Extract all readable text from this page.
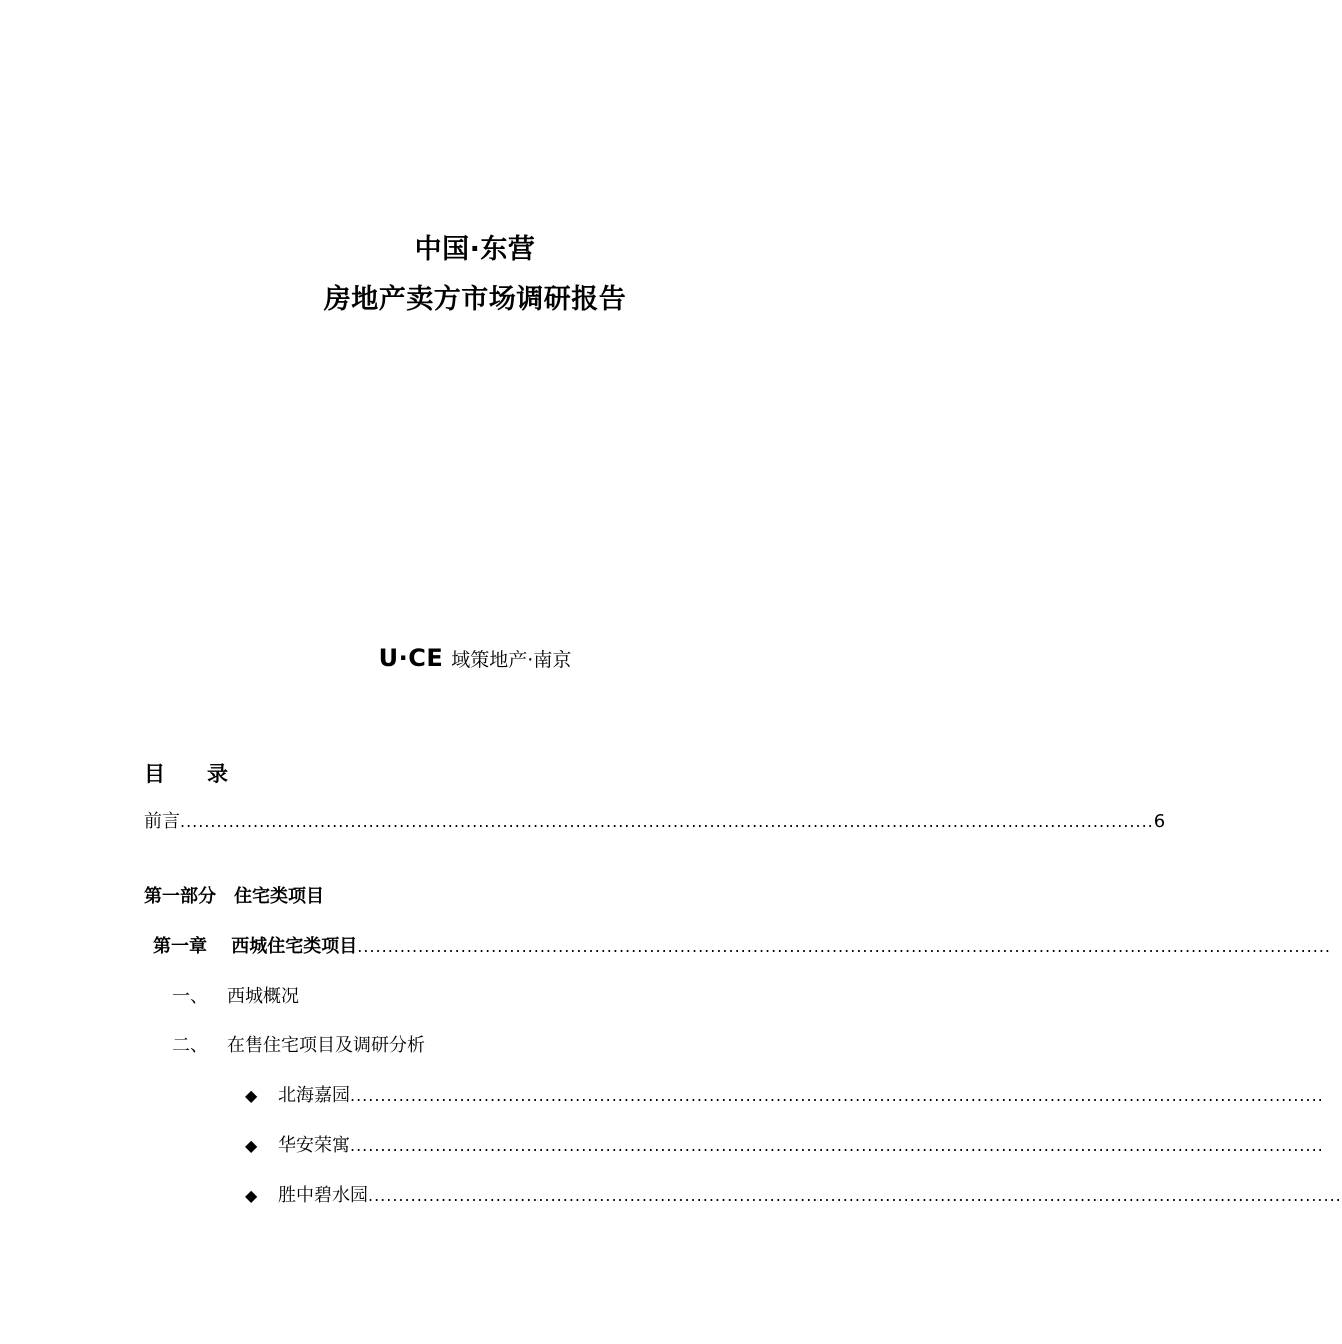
中国·东营
房地产卖方市场调研报告
U·CE 域策地产·南京
目　　录
前言 ................................................................................................................................................................ 6
第一部分　住宅类项目
第一章　 西城住宅类项目 ................................................................................................................................................................
一、	西城概况
二、	在售住宅项目及调研分析
◆ 北海嘉园 ................................................................................................................................................................
◆ 华安荣寓 ................................................................................................................................................................
◆ 胜中碧水园 ................................................................................................................................................................
